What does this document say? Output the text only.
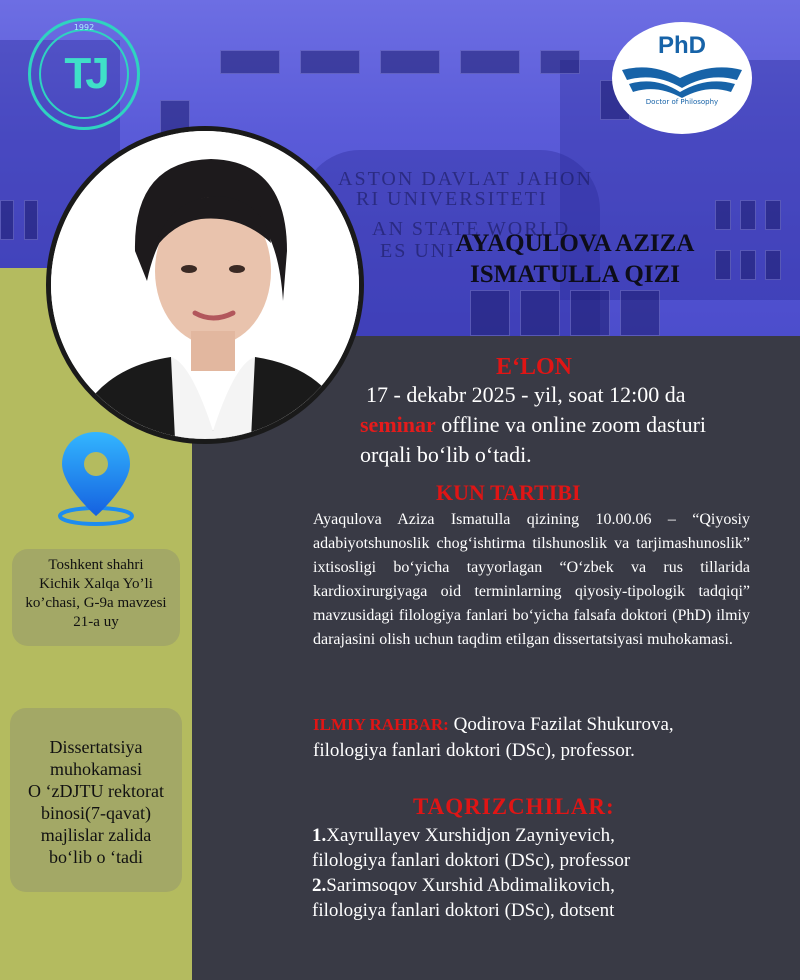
ASTON DAVLAT JAHON
RI UNIVERSITETI
AN STATE WORLD
ES UNI
1992
TJ
PhD
Doctor of Philosophy
AYAQULOVA AZIZA
ISMATULLA QIZI
E‘LON
17 - dekabr 2025 - yil, soat 12:00 da
seminar offline va online zoom dasturi
orqali bo‘lib o‘tadi.
KUN TARTIBI
Ayaqulova Aziza Ismatulla qizining 10.00.06 – “Qiyosiy adabiyotshunoslik chog‘ishtirma tilshunoslik va tarjimashunoslik” ixtisosligi bo‘yicha tayyorlagan “O‘zbek va rus tillarida kardioxirurgiyaga oid terminlarning qiyosiy-tipologik tadqiqi” mavzusidagi filologiya fanlari bo‘yicha falsafa doktori (PhD) ilmiy darajasini olish uchun taqdim etilgan dissertatsiyasi muhokamasi.
ILMIY RAHBAR: Qodirova Fazilat Shukurova,
filologiya fanlari doktori (DSc), professor.
TAQRIZCHILAR:
1.Xayrullayev Xurshidjon Zayniyevich,
filologiya fanlari doktori (DSc), professor
2.Sarimsoqov Xurshid Abdimalikovich,
filologiya fanlari doktori (DSc), dotsent
Toshkent shahri
Kichik Xalqa Yo’li
ko’chasi, G-9a mavzesi
21-a uy
Dissertatsiya
muhokamasi
O ‘zDJTU rektorat
binosi(7-qavat)
majlislar zalida
bo‘lib o ‘tadi
